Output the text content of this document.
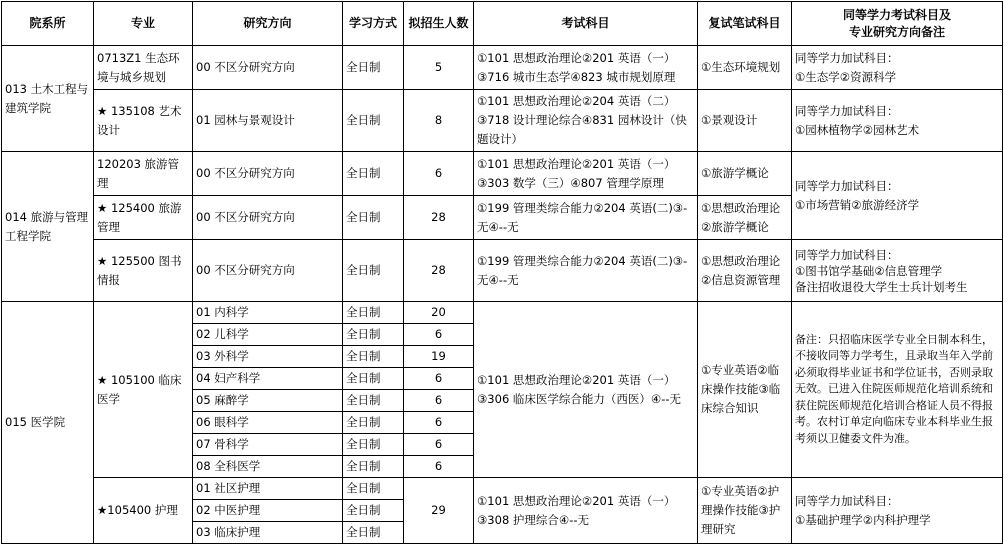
院系所	专业	研究方向	学习方式	拟招生人数	考试科目	复试笔试科目	同等学力考试科目及
专业研究方向备注
013 土木工程与建筑学院	0713Z1 生态环境与城乡规划	00 不区分研究方向	全日制	5	①101 思想政治理论②201 英语（一）③716 城市生态学④823 城市规划原理	①生态环境规划	同等学力加试科目：
①生态学②资源科学
	★ 135108 艺术设计	01 园林与景观设计	全日制	8	①101 思想政治理论②204 英语（二）③718 设计理论综合④831 园林设计（快题设计）	①景观设计	同等学力加试科目：
①园林植物学②园林艺术
014 旅游与管理工程学院	120203 旅游管理	00 不区分研究方向	全日制	6	①101 思想政治理论②201 英语（一）③303 数学（三）④807 管理学原理	①旅游学概论	同等学力加试科目：
①市场营销②旅游经济学
	★ 125400 旅游管理	00 不区分研究方向	全日制	28	①199 管理类综合能力②204 英语(二)③-无④--无	①思想政治理论②旅游学概论	
	★ 125500 图书情报	00 不区分研究方向	全日制	28	①199 管理类综合能力②204 英语(二)③-无④--无	①思想政治理论②信息资源管理	同等学力加试科目：
①图书馆学基础②信息管理学
备注招收退役大学生士兵计划考生
015 医学院	★ 105100 临床医学	01 内科学	全日制	20	①101 思想政治理论②201 英语（一）③306 临床医学综合能力（西医）④--无	①专业英语②临床操作技能③临床综合知识	备注：只招临床医学专业全日制本科生，不接收同等力学考生，且录取当年入学前必须取得毕业证书和学位证书，否则录取无效。已进入住院医师规范化培训系统和获住院医师规范化培训合格证人员不得报考。农村订单定向临床专业本科毕业生报考须以卫健委文件为准。
		02 儿科学	全日制	6			
		03 外科学	全日制	19			
		04 妇产科学	全日制	6			
		05 麻醉学	全日制	6			
		06 眼科学	全日制	6			
		07 骨科学	全日制	6			
		08 全科医学	全日制	6			
	★105400 护理	01 社区护理	全日制	29	①101 思想政治理论②201 英语（一）③308 护理综合④--无	①专业英语②护理操作技能③护理研究	同等学力加试科目：
①基础护理学②内科护理学
		02 中医护理	全日制				
		03 临床护理	全日制				
